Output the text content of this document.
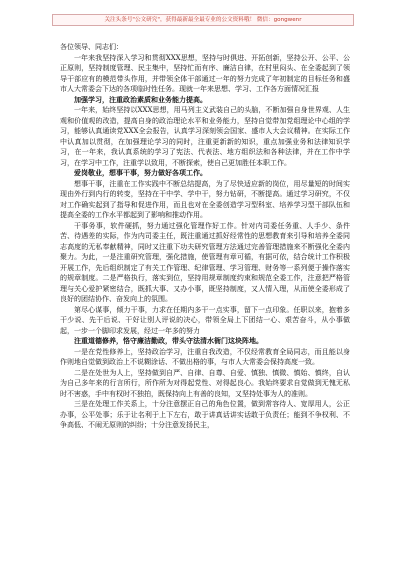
关注头条号"公文研究"，获得最新最全最专业的公文资料哦！ 微信：gongwenr

各位领导、同志们：

一年来我坚持深入学习和贯彻XXX思想，坚持与时俱进、开拓创新，坚持公开、公平、公正原则，坚持制度管理、民主集中，坚持忙而有序、廉洁自律，在村里闷头、在全委起到了领导干部应有的模范带头作用，并带领全体干部通过一年的努力完成了年初制定的目标任务和盛市人大常委会下达的各项临时性任务。现就一年来思想、学习、工作各方面情况汇报

加强学习，注重政治素质和业务能力提高。

一年来，始终坚持以XXX思想，用马列主义武装自己的头脑，不断加强自身世界观、人生观和价值观的改造，提高自身的政治理论水平和业务能力，坚持自觉带加党组理论中心组的学习，能够认真通读党XXX全会报告，认真学习深刻领会国家、盛市人大会议精神。在实际工作中认真加以贯彻，在加强理论学习的同时，注重更新新的知识，重点加强业务和法律知识学习，在一年来，我认真系统的学习了宪法、代表法、地方组织法和各种法律，并在工作中学习，在学习中工作，注重学以致用，不断探索，使自己更加胜任本职工作。

爱岗敬业，想事干事，努力做好各项工作。

想事干事，注重在工作实践中不断总结提高，为了尽快适应新的岗位，用尽量短的时间实现由外行到内行的转变，坚持在干中学、学中干，努力钻研，不断提高。通过学习研究，不仅对工作确实起到了指导和促进作用，而且也对在全委创造学习型科室、培养学习型干部队伍和提高全委的工作水平都起到了影响和推动作用。

干事务事，软件硬抓，努力通过强化管理作好工作。针对内司委任务重、人手少、条件苦、待遇差的实际，作为内司委主任，既注重通过抓好经常性的思想教育来引导和培养全委同志高度的无私奉献精神，同时又注重下功夫研究管理方法通过完善管理措施来不断强化全委内聚力。为此，一是注重研究管理，强化措施，使管理有章可循，有据可依，结合统计工作积极开展工作，先后组织制定了有关工作管理、纪律管理、学习管理、财务等一系列便于操作落实的规章制度。二是严格执行，落实到位，坚持用规章制度约束和规范全委工作，注意把严格管理与关心爱护紧密结合，既抓大事、又办小事，既坚持制度，又人情入理，从而使全委形成了良好的团结协作、奋发向上的氛围。

第尽心谋事，倾力干事，力求在任期内多干一点实事，留下一点印象。任职以来，抱着多干少说、先干后说、干好让别人评说的决心，带领全局上下团结一心、艰苦奋斗，从小事做起，一步一个脚印求发展，经过一年多的努力

注重道德修养，恪守廉洁勤政，带头守法清水衙门这块阵地。

一是在党性修养上，坚持政治学习，注重自我改造，不仅经常教育全局同志，而且能以身作则地自觉做到政治上不说糊涂话、不做出格的事，与市人大常委会保持高度一致。

二是在处世为人上，坚持做到自严、自律、自尊、自爱、慎独、慎微、慎始、慎终，自认为自己多年来的行言所行，所作所为对得起党性、对得起良心。我始终要求自觉做到无愧无私时不害惑，手中有权时不独拍，既保持向上有善的良知，又坚持处事为人的准则。

三是在处理工作关系上，十分注意摆正自己的角色位置，做到常容待人、宽厚用人，公正办事，公平处事；乐于让名利于上下左右，敢于讲真话讲实话敢于负责任；能到不争权利、不争高低、不闹无原则的纠纷；十分注意发扬民主，
